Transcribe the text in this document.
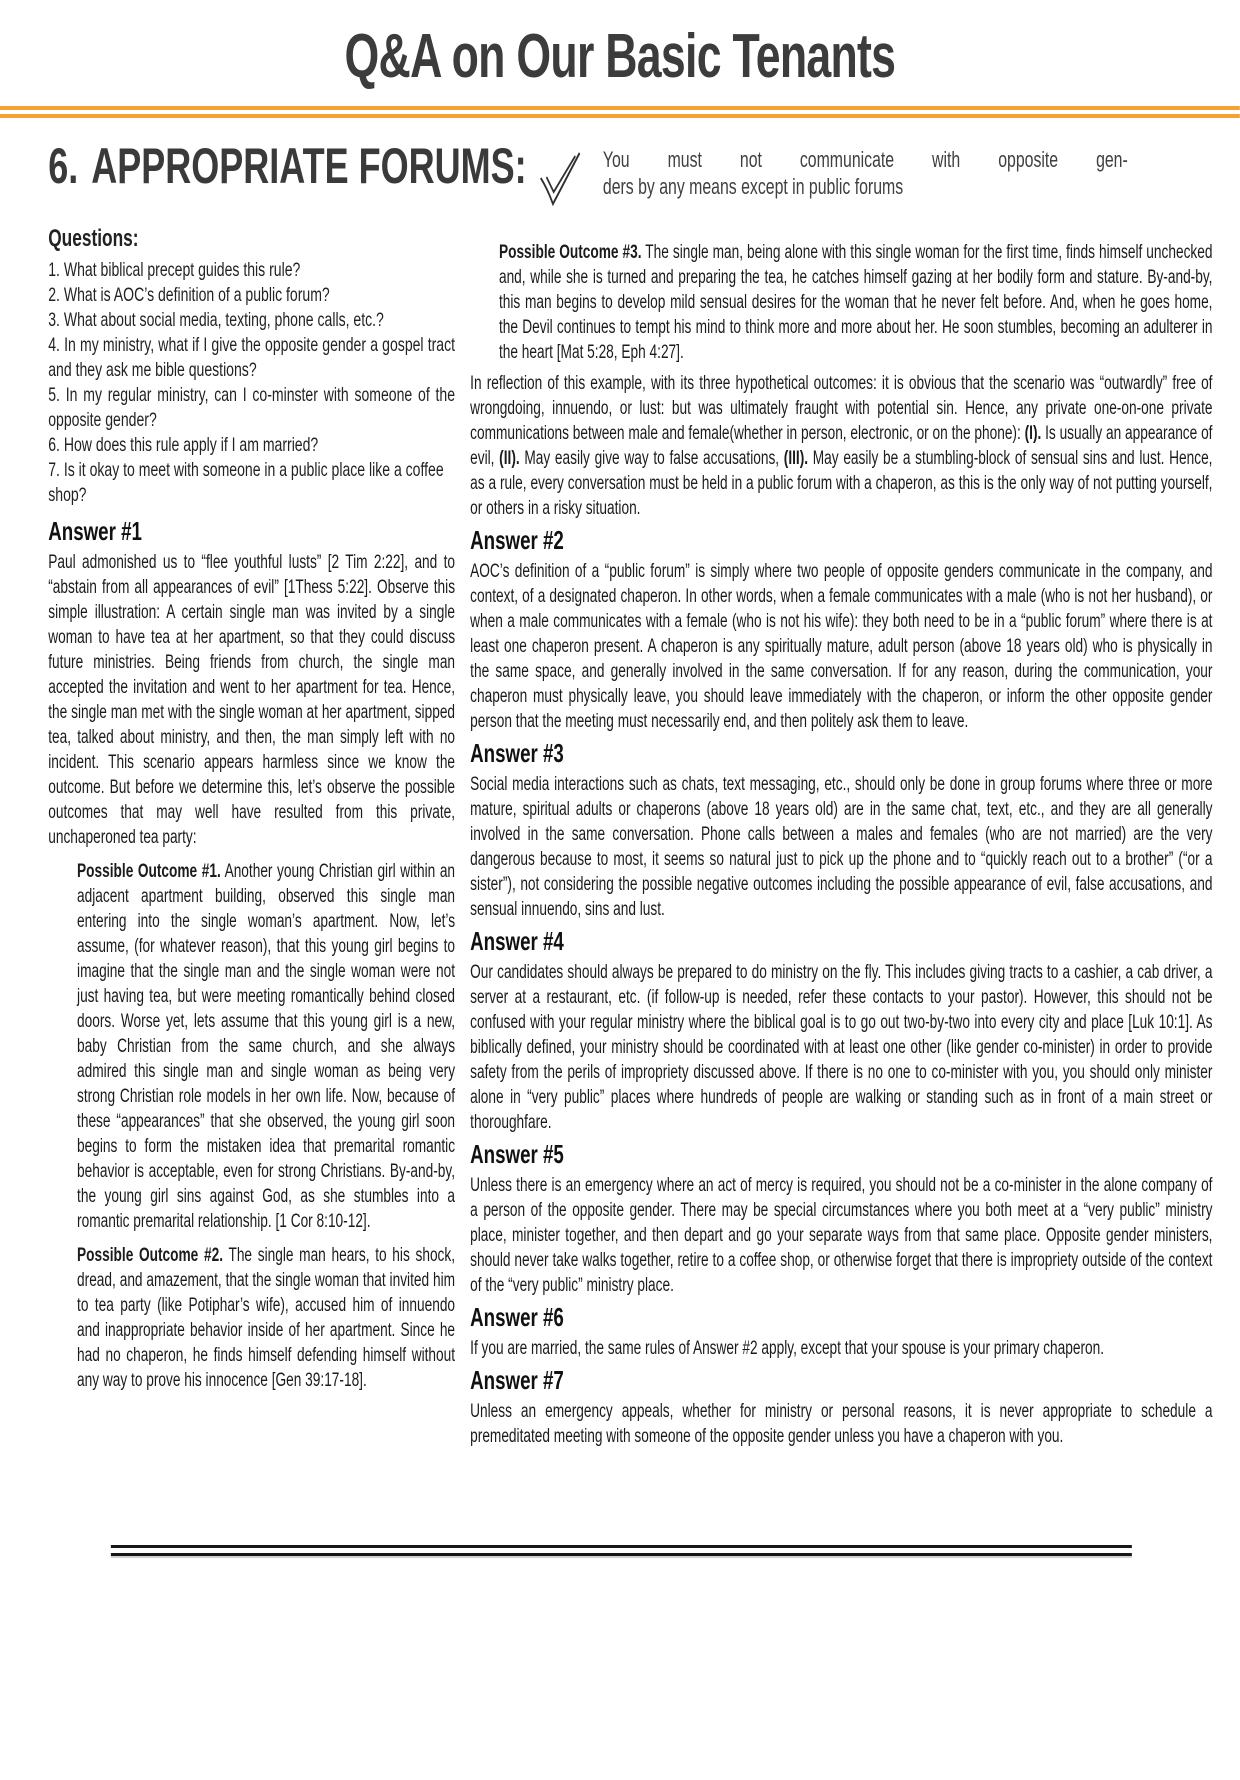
Q&A on Our Basic Tenants
6. APPROPRIATE FORUMS:	You must not communicate with opposite gen-
ders by any means except in public forums
Questions:
1. What biblical precept guides this rule?
2. What is AOC’s definition of a public forum?
3. What about social media, texting, phone calls, etc.?
4. In my ministry, what if I give the opposite gender a gospel tract and they ask me bible questions?
5. In my regular ministry, can I co-minster with someone of the opposite gender?
6. How does this rule apply if I am married?
7. Is it okay to meet with someone in a public place like a coffee shop?
Answer #1

Paul admonished us to “flee youthful lusts” [2 Tim 2:22], and to “abstain from all appearances of evil” [1Thess 5:22]. Observe this simple illustration: A certain single man was invited by a single woman to have tea at her apartment, so that they could discuss future ministries. Being friends from church, the single man accepted the invitation and went to her apartment for tea. Hence, the single man met with the single woman at her apartment, sipped tea, talked about ministry, and then, the man simply left with no incident. This scenario appears harmless since we know the outcome. But before we determine this, let’s observe the possible outcomes that may well have resulted from this private, unchaperoned tea party:

Possible Outcome #1. Another young Christian girl within an adjacent apartment building, observed this single man entering into the single woman’s apartment. Now, let’s assume, (for whatever reason), that this young girl begins to imagine that the single man and the single woman were not just having tea, but were meeting romantically behind closed doors. Worse yet, lets assume that this young girl is a new, baby Christian from the same church, and she always admired this single man and single woman as being very strong Christian role models in her own life. Now, because of these “appearances” that she observed, the young girl soon begins to form the mistaken idea that premarital romantic behavior is acceptable, even for strong Christians. By-and-by, the young girl sins against God, as she stumbles into a romantic premarital relationship. [1 Cor 8:10-12].

Possible Outcome #2. The single man hears, to his shock, dread, and amazement, that the single woman that invited him to tea party (like Potiphar’s wife), accused him of innuendo and inappropriate behavior inside of her apartment. Since he had no chaperon, he finds himself defending himself without any way to prove his innocence [Gen 39:17-18].

Possible Outcome #3. The single man, being alone with this single woman for the first time, finds himself unchecked and, while she is turned and preparing the tea, he catches himself gazing at her bodily form and stature. By-and-by, this man begins to develop mild sensual desires for the woman that he never felt before. And, when he goes home, the Devil continues to tempt his mind to think more and more about her. He soon stumbles, becoming an adulterer in the heart [Mat 5:28, Eph 4:27].

In reflection of this example, with its three hypothetical outcomes: it is obvious that the scenario was “outwardly” free of wrongdoing, innuendo, or lust: but was ultimately fraught with potential sin. Hence, any private one-on-one private communications between male and female(whether in person, electronic, or on the phone): (I). Is usually an appearance of evil, (II). May easily give way to false accusations, (III). May easily be a stumbling-block of sensual sins and lust. Hence, as a rule, every conversation must be held in a public forum with a chaperon, as this is the only way of not putting yourself, or others in a risky situation.

Answer #2

AOC’s definition of a “public forum” is simply where two people of opposite genders communicate in the company, and context, of a designated chaperon. In other words, when a female communicates with a male (who is not her husband), or when a male communicates with a female (who is not his wife): they both need to be in a “public forum” where there is at least one chaperon present. A chaperon is any spiritually mature, adult person (above 18 years old) who is physically in the same space, and generally involved in the same conversation. If for any reason, during the communication, your chaperon must physically leave, you should leave immediately with the chaperon, or inform the other opposite gender person that the meeting must necessarily end, and then politely ask them to leave.

Answer #3

Social media interactions such as chats, text messaging, etc., should only be done in group forums where three or more mature, spiritual adults or chaperons (above 18 years old) are in the same chat, text, etc., and they are all generally involved in the same conversation. Phone calls between a males and females (who are not married) are the very dangerous because to most, it seems so natural just to pick up the phone and to “quickly reach out to a brother” (“or a sister”), not considering the possible negative outcomes including the possible appearance of evil, false accusations, and sensual innuendo, sins and lust.

Answer #4

Our candidates should always be prepared to do ministry on the fly. This includes giving tracts to a cashier, a cab driver, a server at a restaurant, etc. (if follow-up is needed, refer these contacts to your pastor). However, this should not be confused with your regular ministry where the biblical goal is to go out two-by-two into every city and place [Luk 10:1]. As biblically defined, your ministry should be coordinated with at least one other (like gender co-minister) in order to provide safety from the perils of impropriety discussed above. If there is no one to co-minister with you, you should only minister alone in “very public” places where hundreds of people are walking or standing such as in front of a main street or thoroughfare.

Answer #5

Unless there is an emergency where an act of mercy is required, you should not be a co-minister in the alone company of a person of the opposite gender. There may be special circumstances where you both meet at a “very public” ministry place, minister together, and then depart and go your separate ways from that same place. Opposite gender ministers, should never take walks together, retire to a coffee shop, or otherwise forget that there is impropriety outside of the context of the “very public” ministry place.

Answer #6

If you are married, the same rules of Answer #2 apply, except that your spouse is your primary chaperon.

Answer #7

Unless an emergency appeals, whether for ministry or personal reasons, it is never appropriate to schedule a premeditated meeting with someone of the opposite gender unless you have a chaperon with you.
